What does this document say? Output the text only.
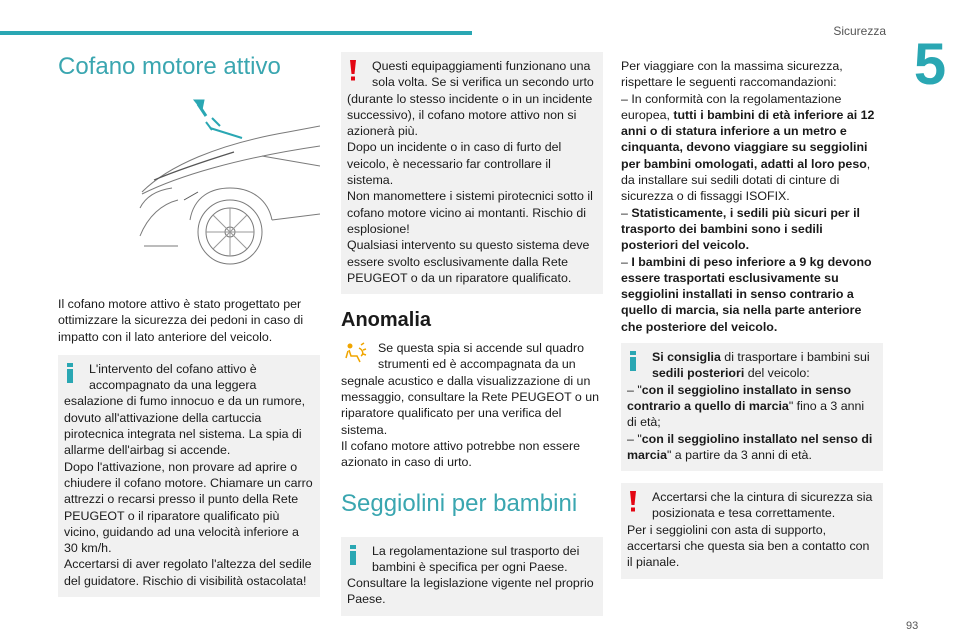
Sicurezza
5
Cofano motore attivo

Il cofano motore attivo è stato progettato per ottimizzare la sicurezza dei pedoni in caso di impatto con il lato anteriore del veicolo.

L'intervento del cofano attivo è accompagnato da una leggera

esalazione di fumo innocuo e da un rumore, dovuto all'attivazione della cartuccia pirotecnica integrata nel sistema. La spia di allarme dell'airbag si accende.

Dopo l'attivazione, non provare ad aprire o chiudere il cofano motore. Chiamare un carro attrezzi o recarsi presso il punto della Rete PEUGEOT o il riparatore qualificato più vicino, guidando ad una velocità inferiore a 30 km/h.

Accertarsi di aver regolato l'altezza del sedile del guidatore. Rischio di visibilità ostacolata!

Questi equipaggiamenti funzionano una sola volta. Se si verifica un secondo urto

(durante lo stesso incidente o in un incidente successivo), il cofano motore attivo non si azionerà più.

Dopo un incidente o in caso di furto del veicolo, è necessario far controllare il sistema.

Non manomettere i sistemi pirotecnici sotto il cofano motore vicino ai montanti. Rischio di esplosione!

Qualsiasi intervento su questo sistema deve essere svolto esclusivamente dalla Rete PEUGEOT o da un riparatore qualificato.

Anomalia

Se questa spia si accende sul quadro strumenti ed è accompagnata da un

segnale acustico e dalla visualizzazione di un messaggio, consultare la Rete PEUGEOT o un riparatore qualificato per una verifica del sistema.

Il cofano motore attivo potrebbe non essere azionato in caso di urto.

Seggiolini per bambini

La regolamentazione sul trasporto dei bambini è specifica per ogni Paese.

Consultare la legislazione vigente nel proprio Paese.

Per viaggiare con la massima sicurezza, rispettare le seguenti raccomandazioni:

– In conformità con la regolamentazione europea, tutti i bambini di età inferiore ai 12 anni o di statura inferiore a un metro e cinquanta, devono viaggiare su seggiolini per bambini omologati, adatti al loro peso, da installare sui sedili dotati di cinture di sicurezza o di fissaggi ISOFIX.

– Statisticamente, i sedili più sicuri per il trasporto dei bambini sono i sedili posteriori del veicolo.

– I bambini di peso inferiore a 9 kg devono essere trasportati esclusivamente su seggiolini installati in senso contrario a quello di marcia, sia nella parte anteriore che posteriore del veicolo.

Si consiglia di trasportare i bambini sui

sedili posteriori del veicolo:

– "con il seggiolino installato in senso contrario a quello di marcia" fino a 3 anni di età;

– "con il seggiolino installato nel senso di marcia" a partire da 3 anni di età.

Accertarsi che la cintura di sicurezza sia posizionata e tesa correttamente.

Per i seggiolini con asta di supporto, accertarsi che questa sia ben a contatto con il pianale.

93
